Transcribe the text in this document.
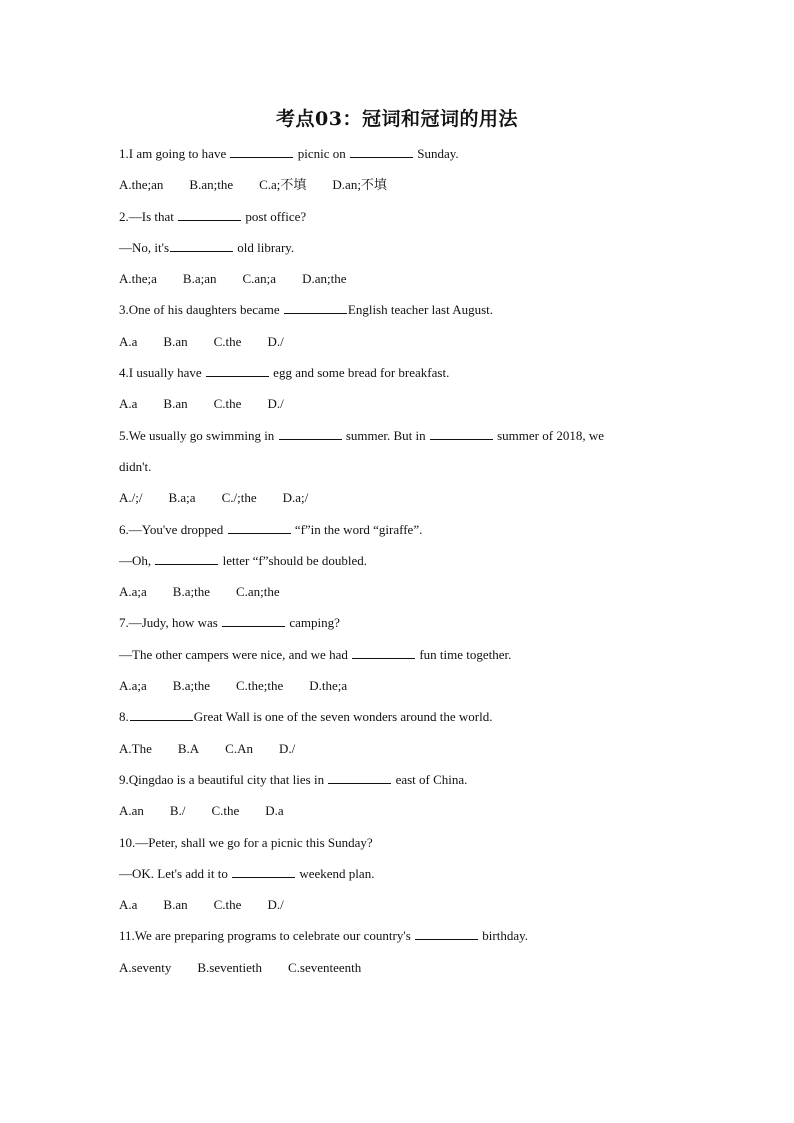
考点03：冠词和冠词的用法
1.I am going to have	picnic on	Sunday.
A.the;an B.an;the C.a;不填 D.an;不填
2.—Is that	post office?
—No, it's	old library.
A.the;a B.a;an C.an;a D.an;the
3.One of his daughters became	English teacher last August.
A.a B.an C.the D./
4.I usually have	egg and some bread for breakfast.
A.a B.an C.the D./
5.We usually go swimming in	summer. But in	summer of 2018, we
didn't.
A./;/ B.a;a C./;the D.a;/
6.—You've dropped	“f”in the word “giraffe”.
—Oh,	letter “f”should be doubled.
A.a;a B.a;the C.an;the
7.—Judy, how was	camping?
—The other campers were nice, and we had	fun time together.
A.a;a B.a;the C.the;the D.the;a
8.	Great Wall is one of the seven wonders around the world.
A.The B.A C.An D./
9.Qingdao is a beautiful city that lies in	east of China.
A.an B./ C.the D.a
10.—Peter, shall we go for a picnic this Sunday?
—OK. Let's add it to	weekend plan.
A.a B.an C.the D./
11.We are preparing programs to celebrate our country's	birthday.
A.seventy B.seventieth C.seventeenth
